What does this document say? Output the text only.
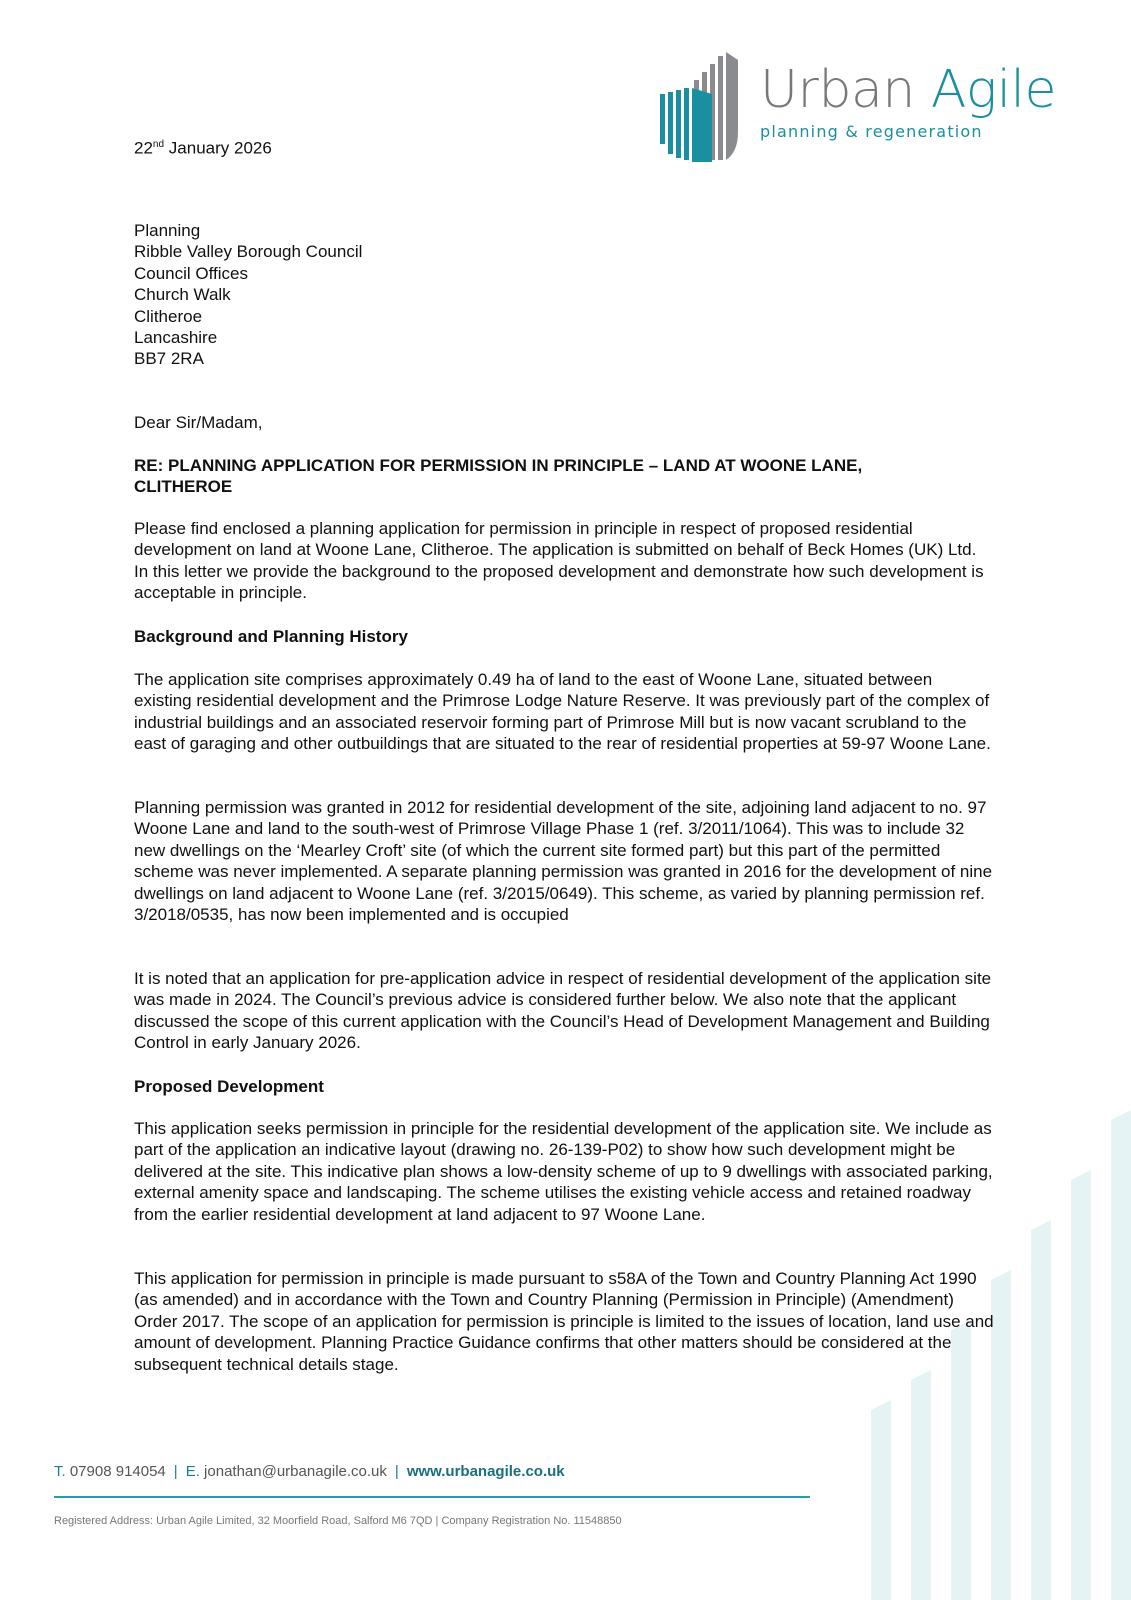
Urban Agile
planning & regeneration
22nd January 2026
Planning
Ribble Valley Borough Council
Council Offices
Church Walk
Clitheroe
Lancashire
BB7 2RA
Dear Sir/Madam,
RE: PLANNING APPLICATION FOR PERMISSION IN PRINCIPLE – LAND AT WOONE LANE, CLITHEROE
Please find enclosed a planning application for permission in principle in respect of proposed residential development on land at Woone Lane, Clitheroe. The application is submitted on behalf of Beck Homes (UK) Ltd. In this letter we provide the background to the proposed development and demonstrate how such development is acceptable in principle.
Background and Planning History
The application site comprises approximately 0.49 ha of land to the east of Woone Lane, situated between existing residential development and the Primrose Lodge Nature Reserve. It was previously part of the complex of industrial buildings and an associated reservoir forming part of Primrose Mill but is now vacant scrubland to the east of garaging and other outbuildings that are situated to the rear of residential properties at 59-97 Woone Lane.
Planning permission was granted in 2012 for residential development of the site, adjoining land adjacent to no. 97 Woone Lane and land to the south-west of Primrose Village Phase 1 (ref. 3/2011/1064). This was to include 32 new dwellings on the ‘Mearley Croft’ site (of which the current site formed part) but this part of the permitted scheme was never implemented. A separate planning permission was granted in 2016 for the development of nine dwellings on land adjacent to Woone Lane (ref. 3/2015/0649). This scheme, as varied by planning permission ref. 3/2018/0535, has now been implemented and is occupied
It is noted that an application for pre-application advice in respect of residential development of the application site was made in 2024. The Council’s previous advice is considered further below. We also note that the applicant discussed the scope of this current application with the Council’s Head of Development Management and Building Control in early January 2026.
Proposed Development
This application seeks permission in principle for the residential development of the application site. We include as part of the application an indicative layout (drawing no. 26-139-P02) to show how such development might be delivered at the site. This indicative plan shows a low-density scheme of up to 9 dwellings with associated parking, external amenity space and landscaping. The scheme utilises the existing vehicle access and retained roadway from the earlier residential development at land adjacent to 97 Woone Lane.
This application for permission in principle is made pursuant to s58A of the Town and Country Planning Act 1990 (as amended) and in accordance with the Town and Country Planning (Permission in Principle) (Amendment) Order 2017. The scope of an application for permission is principle is limited to the issues of location, land use and amount of development. Planning Practice Guidance confirms that other matters should be considered at the subsequent technical details stage.
T. 07908 914054 | E. jonathan@urbanagile.co.uk | www.urbanagile.co.uk
Registered Address: Urban Agile Limited, 32 Moorfield Road, Salford M6 7QD | Company Registration No. 11548850
